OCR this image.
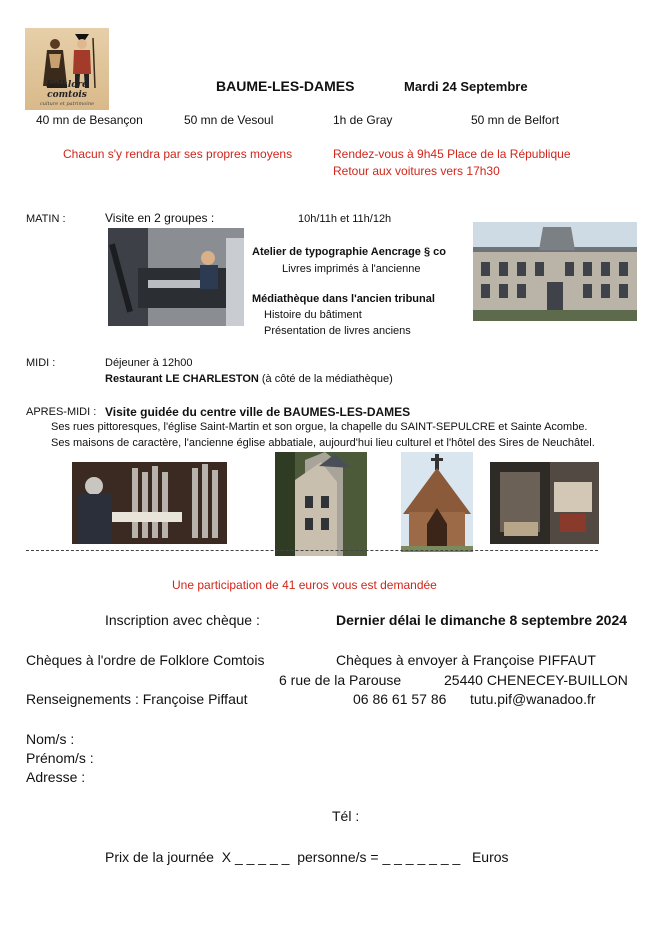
Folklore comtois
culture et patrimoine
BAUME-LES-DAMES	Mardi 24 Septembre
40 mn de Besançon	50 mn de Vesoul	1h de Gray	50 mn de Belfort
Chacun s'y rendra par ses propres moyens	Rendez-vous à 9h45 Place de la République
Retour aux voitures vers 17h30
MATIN :	Visite en 2 groupes :	10h/11h et 11h/12h
Atelier de typographie Aencrage § co
Livres imprimés à l'ancienne
Médiathèque dans l'ancien tribunal
Histoire du bâtiment
Présentation de livres anciens
MIDI :	Déjeuner à 12h00
Restaurant LE CHARLESTON (à côté de la médiathèque)
APRES-MIDI : Visite guidée du centre ville de BAUMES-LES-DAMES
Ses rues pittoresques, l'église Saint-Martin et son orgue, la chapelle du SAINT-SEPULCRE et Sainte Acombe.
Ses maisons de caractère, l'ancienne église abbatiale, aujourd'hui lieu culturel et l'hôtel des Sires de Neuchâtel.
Une participation de 41 euros vous est demandée
Inscription avec chèque :	Dernier délai le dimanche 8 septembre 2024
Chèques à l'ordre de Folklore Comtois	Chèques à envoyer à Françoise PIFFAUT
6 rue de la Parouse	25440 CHENECEY-BUILLON
Renseignements : Françoise Piffaut	06 86 61 57 86 tutu.pif@wanadoo.fr
Nom/s :
Prénom/s :
Adresse :
Tél :
Prix de la journée  X _ _ _ _ _  personne/s = _ _ _ _ _ _ _   Euros
